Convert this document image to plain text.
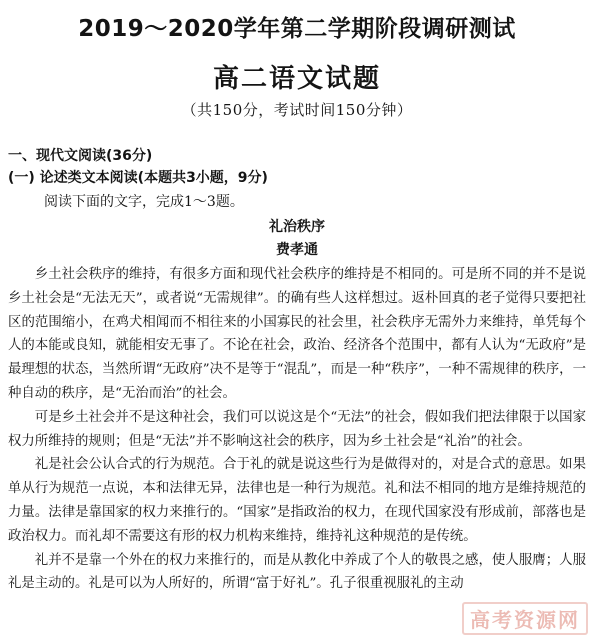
2019～2020学年第二学期阶段调研测试
高二语文试题
（共150分，考试时间150分钟）
一、现代文阅读(36分)
(一) 论述类文本阅读(本题共3小题，9分)
阅读下面的文字，完成1～3题。
礼治秩序
费孝通

乡土社会秩序的维持，有很多方面和现代社会秩序的维持是不相同的。可是所不同的并不是说乡土社会是“无法无天”，或者说“无需规律”。的确有些人这样想过。返朴回真的老子觉得只要把社区的范围缩小，在鸡犬相闻而不相往来的小国寡民的社会里，社会秩序无需外力来维持，单凭每个人的本能或良知，就能相安无事了。不论在社会，政治、经济各个范围中，都有人认为“无政府”是最理想的状态，当然所谓“无政府”决不是等于“混乱”，而是一种“秩序”，一种不需规律的秩序，一种自动的秩序，是“无治而治”的社会。

可是乡土社会并不是这种社会，我们可以说这是个“无法”的社会，假如我们把法律限于以国家权力所维持的规则；但是“无法”并不影响这社会的秩序，因为乡土社会是“礼治”的社会。

礼是社会公认合式的行为规范。合于礼的就是说这些行为是做得对的，对是合式的意思。如果单从行为规范一点说，本和法律无异，法律也是一种行为规范。礼和法不相同的地方是维持规范的力量。法律是靠国家的权力来推行的。“国家”是指政治的权力，在现代国家没有形成前，部落也是政治权力。而礼却不需要这有形的权力机构来维持，维持礼这种规范的是传统。

礼并不是靠一个外在的权力来推行的，而是从教化中养成了个人的敬畏之感，使人服膺；人服礼是主动的。礼是可以为人所好的，所谓“富于好礼”。孔子很重视服礼的主动

高考资源网
